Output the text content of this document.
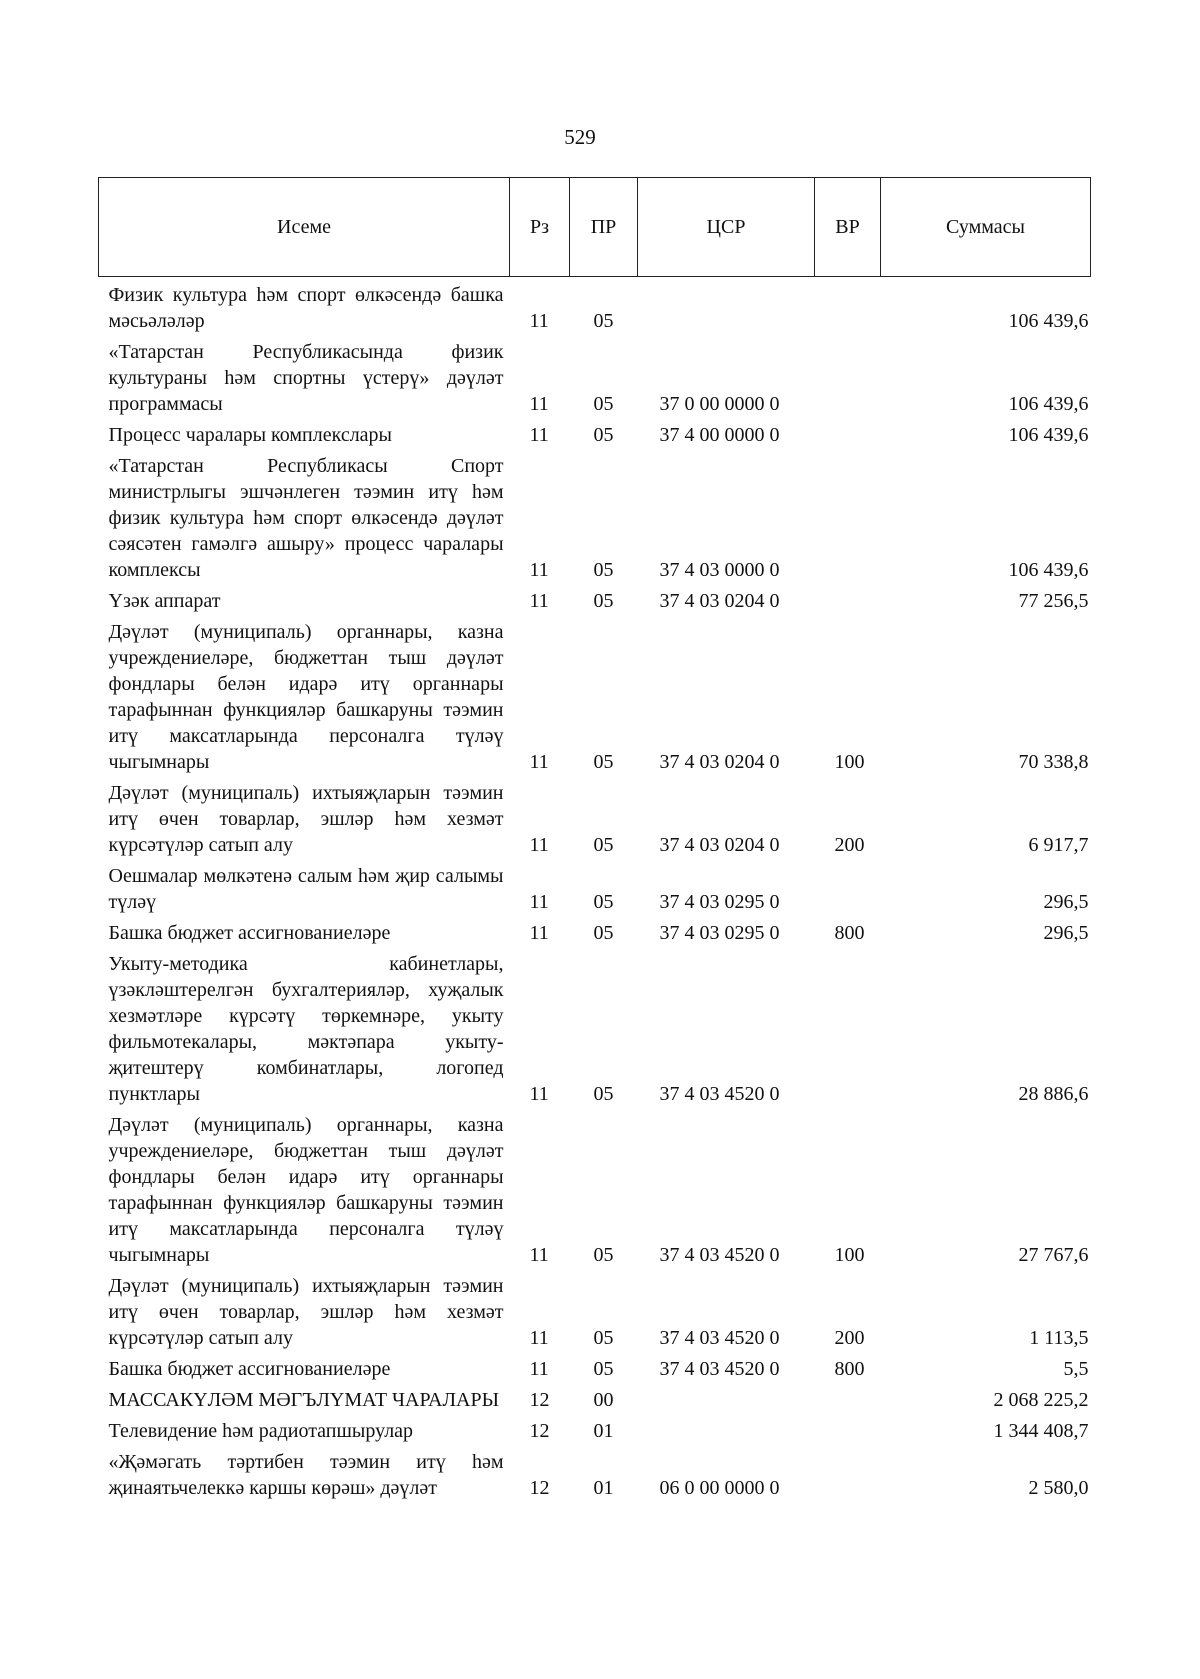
529
Исеме	Рз	ПР	ЦСР	ВР	Суммасы
Физик культура һәм спорт өлкәсендә башка мәсьәләләр	11	05			106 439,6
«Татарстан Республикасында физик культураны һәм спортны үстерү» дәүләт программасы	11	05	37 0 00 0000 0		106 439,6
Процесс чаралары комплекслары	11	05	37 4 00 0000 0		106 439,6
«Татарстан Республикасы Спорт министрлыгы эшчәнлеген тәэмин итү һәм физик культура һәм спорт өлкәсендә дәүләт сәясәтен гамәлгә ашыру» процесс чаралары комплексы	11	05	37 4 03 0000 0		106 439,6
Үзәк аппарат	11	05	37 4 03 0204 0		77 256,5
Дәүләт (муниципаль) органнары, казна учреждениеләре, бюджеттан тыш дәүләт фондлары белән идарә итү органнары тарафыннан функцияләр башкаруны тәэмин итү максатларында персоналга түләү чыгымнары	11	05	37 4 03 0204 0	100	70 338,8
Дәүләт (муниципаль) ихтыяҗларын тәэмин итү өчен товарлар, эшләр һәм хезмәт күрсәтүләр сатып алу	11	05	37 4 03 0204 0	200	6 917,7
Оешмалар мөлкәтенә салым һәм җир салымы түләү	11	05	37 4 03 0295 0		296,5
Башка бюджет ассигнованиеләре	11	05	37 4 03 0295 0	800	296,5
Укыту-методика кабинетлары, үзәкләштерелгән бухгалтерияләр, хуҗалык хезмәтләре күрсәтү төркемнәре, укыту фильмотекалары, мәктәпара укыту-җитештерү комбинатлары, логопед пунктлары	11	05	37 4 03 4520 0		28 886,6
Дәүләт (муниципаль) органнары, казна учреждениеләре, бюджеттан тыш дәүләт фондлары белән идарә итү органнары тарафыннан функцияләр башкаруны тәэмин итү максатларында персоналга түләү чыгымнары	11	05	37 4 03 4520 0	100	27 767,6
Дәүләт (муниципаль) ихтыяҗларын тәэмин итү өчен товарлар, эшләр һәм хезмәт күрсәтүләр сатып алу	11	05	37 4 03 4520 0	200	1 113,5
Башка бюджет ассигнованиеләре	11	05	37 4 03 4520 0	800	5,5
МАССАКҮЛӘМ МӘГЪЛҮМАТ ЧАРАЛАРЫ	12	00			2 068 225,2
Телевидение һәм радиотапшырулар	12	01			1 344 408,7
«Җәмәгать тәртибен тәэмин итү һәм җинаятьчелеккә каршы көрәш» дәүләт	12	01	06 0 00 0000 0		2 580,0
